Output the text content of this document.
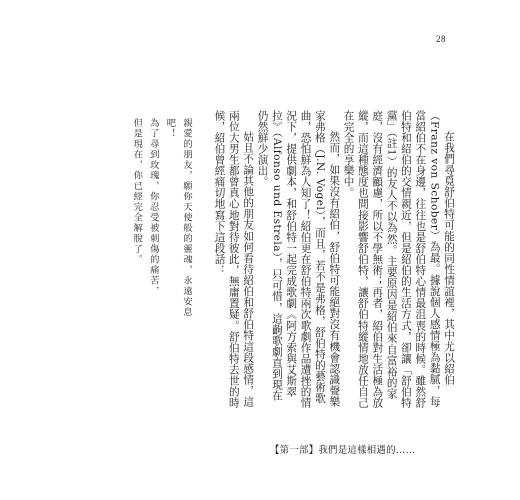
28

在我們尋覓舒伯特可能的同性情誼裡，其中尤以紹伯（Franz von Schober）為最。據說個人感情極為黏膩，每當紹伯不在身邊，往往也是舒伯特心情最沮喪的時候。雖然舒伯特和紹伯的交情親近，但是紹伯的生活方式，卻讓「舒伯特黨」（註1）的友人不以為然。主要原因是紹伯來自富裕的家庭，沒有經濟顧慮，所以不學無術；再者，紹伯對生活極為放縱，而這種態度也間接影響舒伯特，讓舒伯特縱情地放任自己在完全的享樂中。

然而，如果沒有紹伯，舒伯特可能絕對沒有機會認識聲樂家弗格（J.N. Vogel），而且，若不是弗格，舒伯特的藝術歌曲，恐怕鮮為人知了！紹伯更在舒伯特兩次歌劇作品遭挫的情況下，提供劇本，和舒伯特一起完成歌劇《阿方索與艾斯翠拉》（Alfonso und Estrela），只可惜，這齣歌劇直到現在仍然鮮少演出。

姑且不論其他的朋友如何看待紹伯和舒伯特這段感情，這兩位大男生都曾真心地對待彼此，無庸置疑。舒伯特去世的時候，紹伯曾經痛切地寫下這段話：

親愛的朋友，願你天使般的靈魂，永遠安息吧！

為了尋到玫瑰，你忍受被刺傷的痛苦，

但是現在，你已經完全解脫了。

【第一部】我們是這樣相遇的……
